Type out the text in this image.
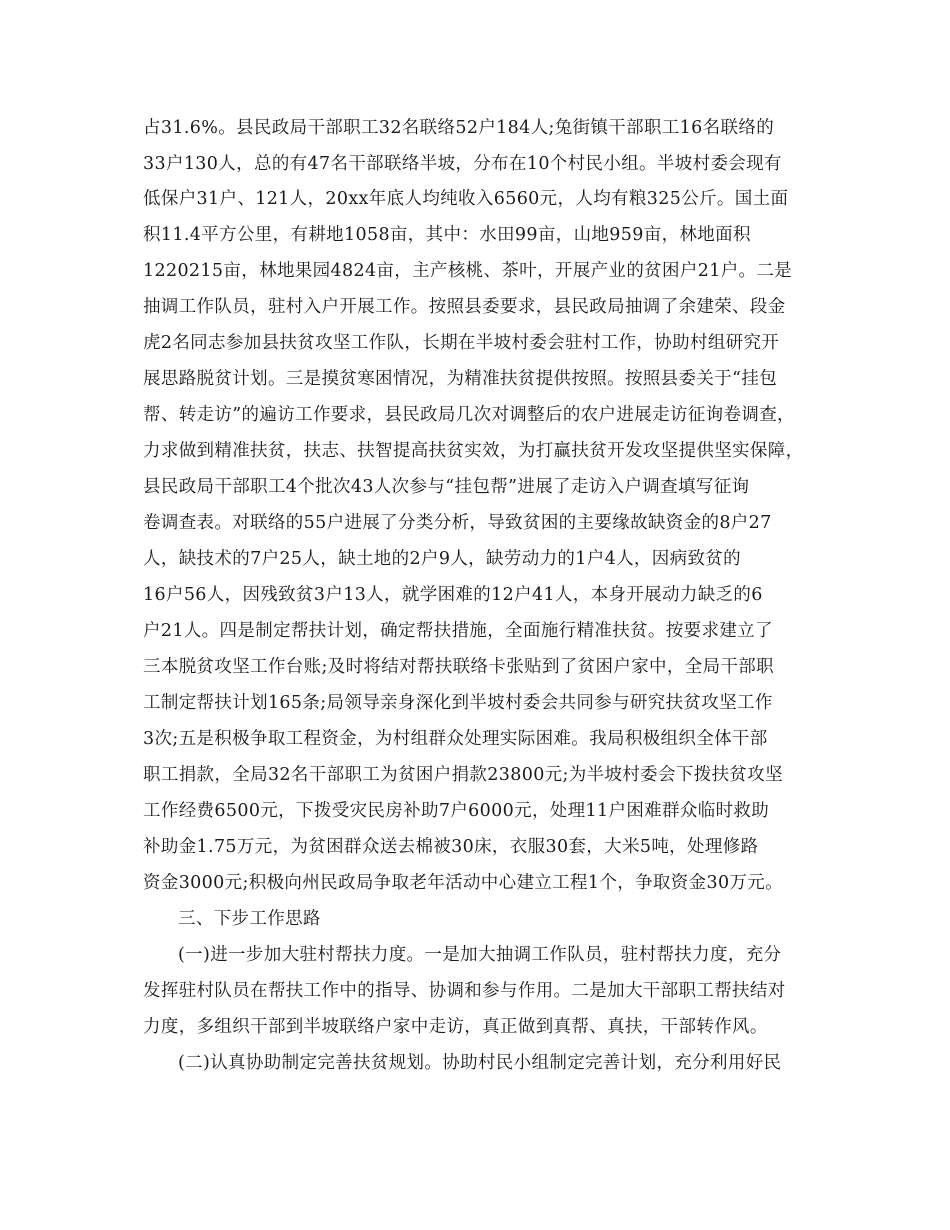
占31.6%。县民政局干部职工32名联络52户184人;兔街镇干部职工16名联络的
33户130人，总的有47名干部联络半坡，分布在10个村民小组。半坡村委会现有
低保户31户、121人，20xx年底人均纯收入6560元，人均有粮325公斤。国土面
积11.4平方公里，有耕地1058亩，其中：水田99亩，山地959亩，林地面积
1220215亩，林地果园4824亩，主产核桃、茶叶，开展产业的贫困户21户。二是
抽调工作队员，驻村入户开展工作。按照县委要求，县民政局抽调了余建荣、段金
虎2名同志参加县扶贫攻坚工作队，长期在半坡村委会驻村工作，协助村组研究开
展思路脱贫计划。三是摸贫寒困情况，为精准扶贫提供按照。按照县委关于“挂包
帮、转走访”的遍访工作要求，县民政局几次对调整后的农户进展走访征询卷调查，
力求做到精准扶贫，扶志、扶智提高扶贫实效，为打赢扶贫开发攻坚提供坚实保障，
县民政局干部职工4个批次43人次参与“挂包帮”进展了走访入户调查填写征询
卷调查表。对联络的55户进展了分类分析，导致贫困的主要缘故缺资金的8户27
人，缺技术的7户25人，缺土地的2户9人，缺劳动力的1户4人，因病致贫的
16户56人，因残致贫3户13人，就学困难的12户41人，本身开展动力缺乏的6
户21人。四是制定帮扶计划，确定帮扶措施，全面施行精准扶贫。按要求建立了
三本脱贫攻坚工作台账;及时将结对帮扶联络卡张贴到了贫困户家中，全局干部职
工制定帮扶计划165条;局领导亲身深化到半坡村委会共同参与研究扶贫攻坚工作
3次;五是积极争取工程资金，为村组群众处理实际困难。我局积极组织全体干部
职工捐款，全局32名干部职工为贫困户捐款23800元;为半坡村委会下拨扶贫攻坚
工作经费6500元，下拨受灾民房补助7户6000元，处理11户困难群众临时救助
补助金1.75万元，为贫困群众送去棉被30床，衣服30套，大米5吨，处理修路
资金3000元;积极向州民政局争取老年活动中心建立工程1个，争取资金30万元。
三、下步工作思路
(一)进一步加大驻村帮扶力度。一是加大抽调工作队员，驻村帮扶力度，充分
发挥驻村队员在帮扶工作中的指导、协调和参与作用。二是加大干部职工帮扶结对
力度，多组织干部到半坡联络户家中走访，真正做到真帮、真扶，干部转作风。
(二)认真协助制定完善扶贫规划。协助村民小组制定完善计划，充分利用好民
